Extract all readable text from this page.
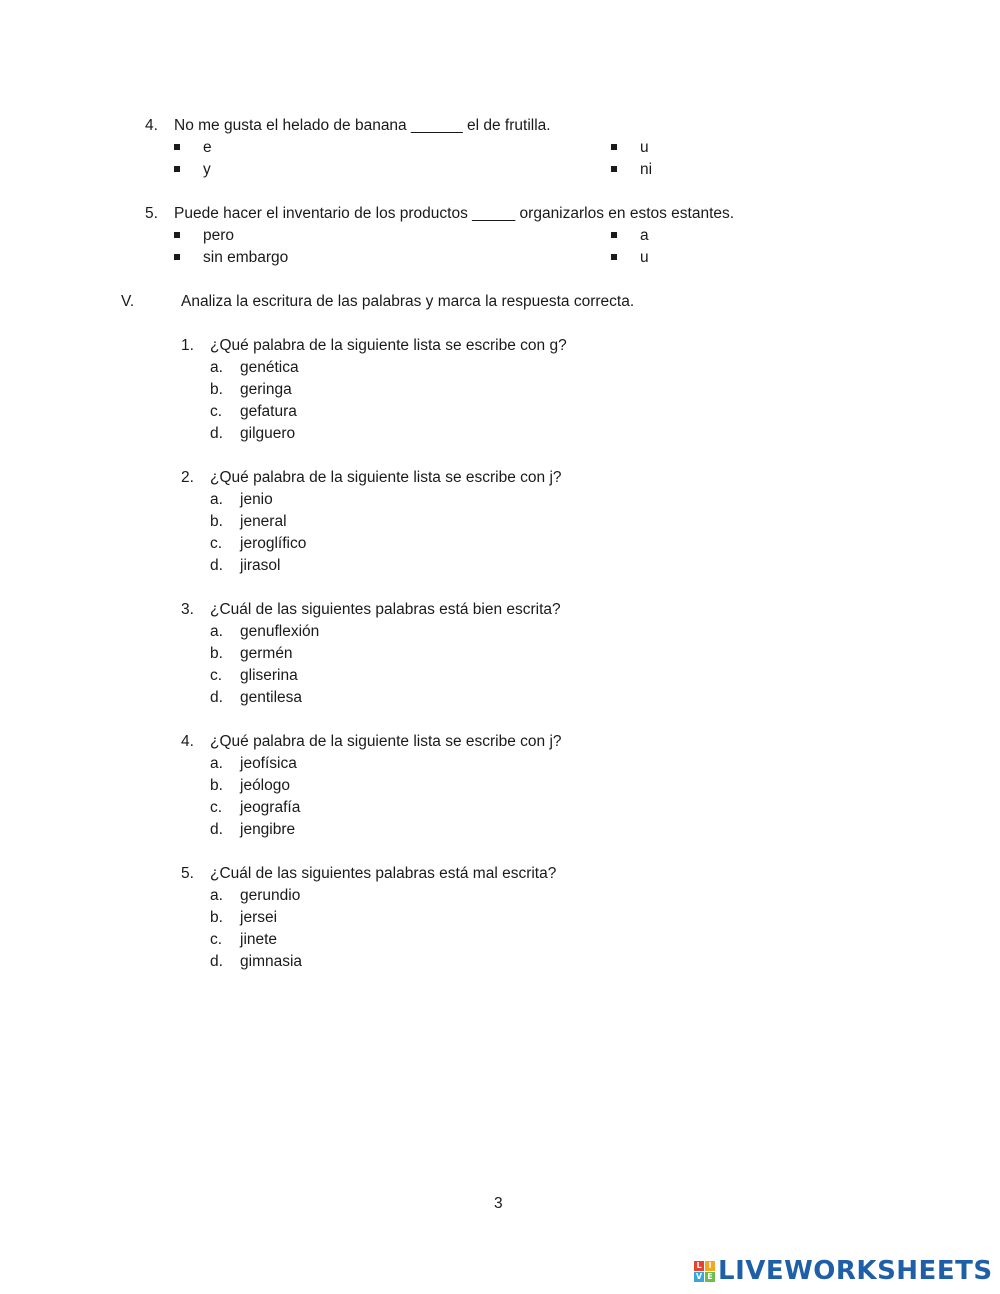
4. No me gusta el helado de banana ______ el de frutilla.
e
y
u
ni
5. Puede hacer el inventario de los productos _____ organizarlos en estos estantes.
pero
sin embargo
a
u
V.	Analiza la escritura de las palabras y marca la respuesta correcta.
1. ¿Qué palabra de la siguiente lista se escribe con g?
a. genética
b. geringa
c. gefatura
d. gilguero
2. ¿Qué palabra de la siguiente lista se escribe con j?
a. jenio
b. jeneral
c. jeroglífico
d. jirasol
3. ¿Cuál de las siguientes palabras está bien escrita?
a. genuflexión
b. germén
c. gliserina
d. gentilesa
4. ¿Qué palabra de la siguiente lista se escribe con j?
a. jeofísica
b. jeólogo
c. jeografía
d. jengibre
5. ¿Cuál de las siguientes palabras está mal escrita?
a. gerundio
b. jersei
c. jinete
d. gimnasia
3
L I
V E LIVEWORKSHEETS
